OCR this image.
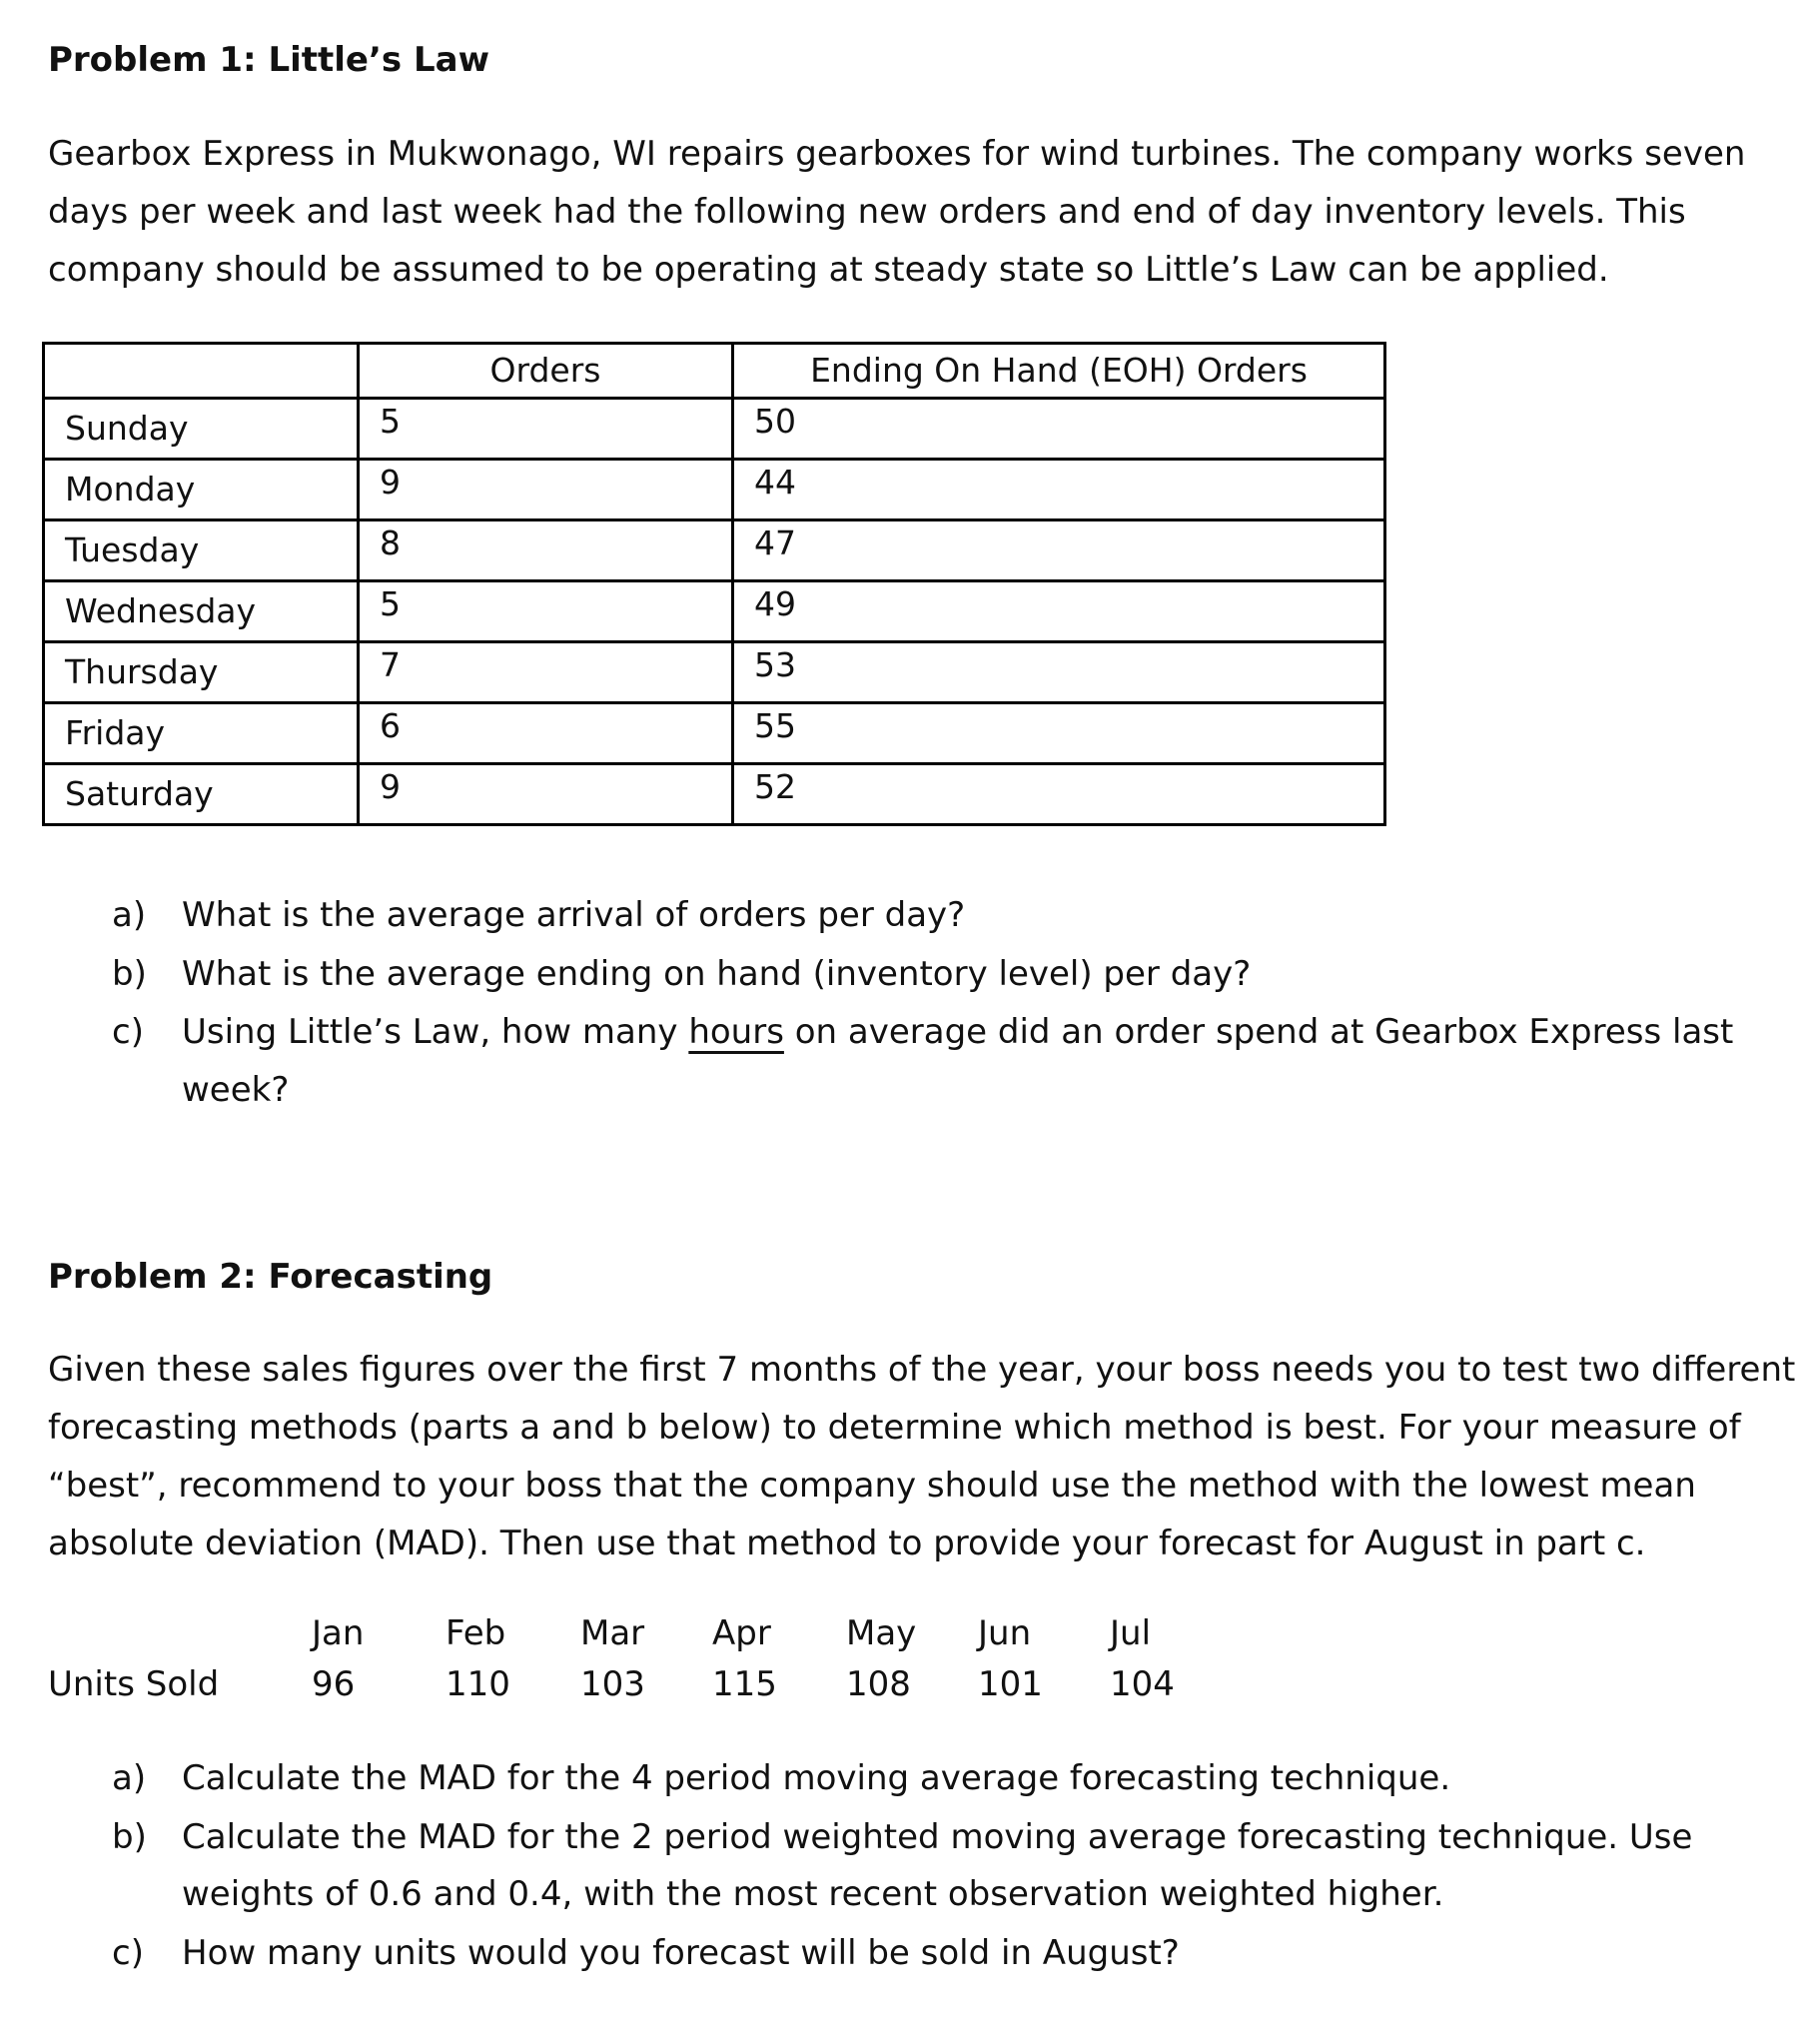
Problem 1: Little’s Law
Gearbox Express in Mukwonago, WI repairs gearboxes for wind turbines. The company works seven
days per week and last week had the following new orders and end of day inventory levels. This
company should be assumed to be operating at steady state so Little’s Law can be applied.
	Orders	Ending On Hand (EOH) Orders
Sunday	5	50
Monday	9	44
Tuesday	8	47
Wednesday	5	49
Thursday	7	53
Friday	6	55
Saturday	9	52
a) What is the average arrival of orders per day?
b) What is the average ending on hand (inventory level) per day?
c) Using Little’s Law, how many hours on average did an order spend at Gearbox Express last
week?
Problem 2: Forecasting
Given these sales figures over the first 7 months of the year, your boss needs you to test two different
forecasting methods (parts a and b below) to determine which method is best. For your measure of
“best”, recommend to your boss that the company should use the method with the lowest mean
absolute deviation (MAD). Then use that method to provide your forecast for August in part c.
Jan Feb Mar Apr May Jun Jul
Units Sold	96	110 103 115 108 101 104
a) Calculate the MAD for the 4 period moving average forecasting technique.
b) Calculate the MAD for the 2 period weighted moving average forecasting technique. Use
weights of 0.6 and 0.4, with the most recent observation weighted higher.
c) How many units would you forecast will be sold in August?
